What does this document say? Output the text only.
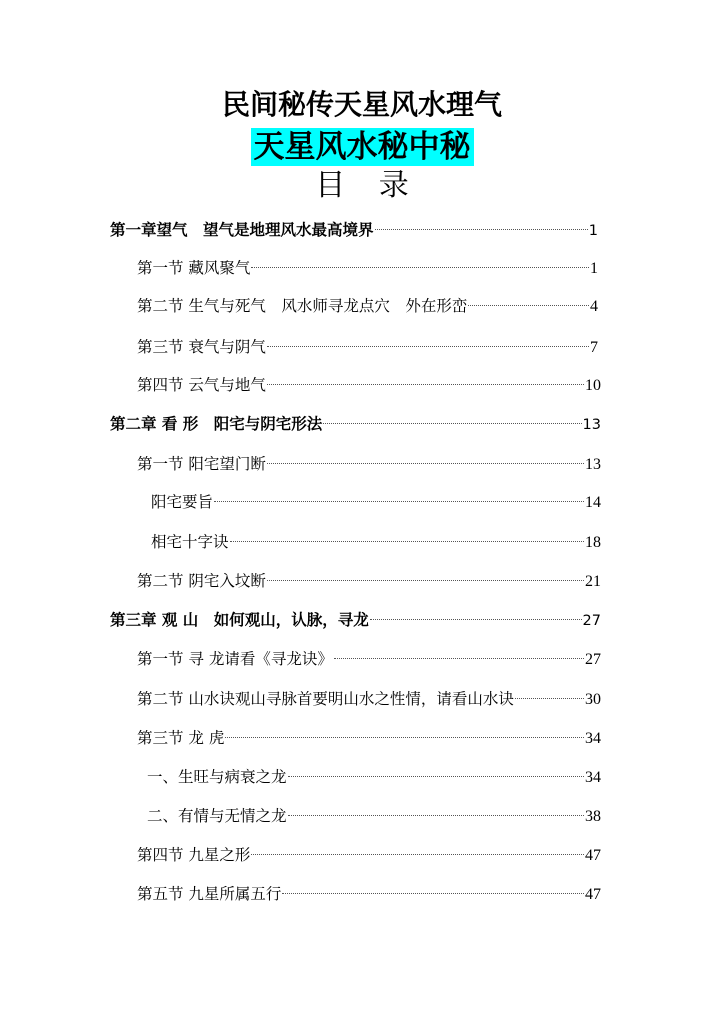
民间秘传天星风水理气
天星风水秘中秘
目 录
第一章望气　望气是地理风水最高境界	1
第一节 藏风聚气	1
第二节 生气与死气　风水师寻龙点穴　外在形峦	4
第三节 衰气与阴气	7
第四节 云气与地气	10
第二章 看 形　阳宅与阴宅形法	13
第一节 阳宅望门断	13
阳宅要旨	14
相宅十字诀	18
第二节 阴宅入坟断	21
第三章 观 山　如何观山，认脉，寻龙	27
第一节 寻 龙请看《寻龙诀》	27
第二节 山水诀观山寻脉首要明山水之性情，请看山水诀	30
第三节 龙 虎	34
一、生旺与病衰之龙	34
二、有情与无情之龙	38
第四节 九星之形	47
第五节 九星所属五行	47
